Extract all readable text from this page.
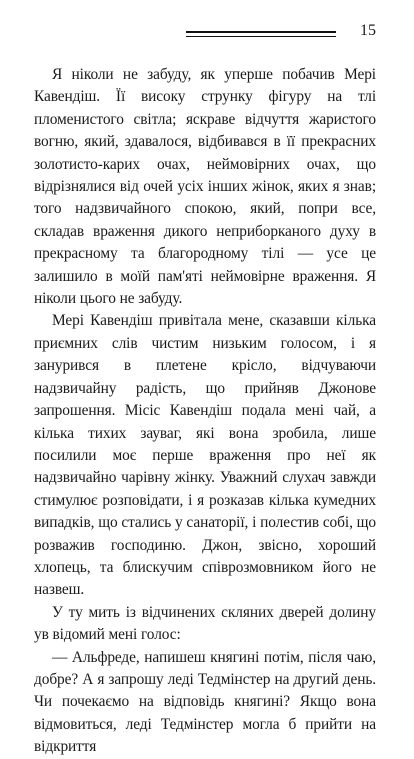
15

Я ніколи не забуду, як уперше побачив Мері Кавендіш. Її високу струнку фігуру на тлі пломенистого світла; яскраве відчуття жаристого вогню, який, здавалося, відбивався в її прекрасних золотисто-карих очах, неймовірних очах, що відрізнялися від очей усіх інших жінок, яких я знав; того надзвичайного спокою, який, попри все, складав враження дикого неприборканого духу в прекрасному та благородному тілі — усе це залишило в моїй пам'яті неймовірне враження. Я ніколи цього не забуду.

Мері Кавендіш привітала мене, сказавши кілька приємних слів чистим низьким голосом, і я занурився в плетене крісло, відчуваючи надзвичайну радість, що прийняв Джонове запрошення. Місіс Кавендіш подала мені чай, а кілька тихих зауваг, які вона зробила, лише посилили моє перше враження про неї як надзвичайно чарівну жінку. Уважний слухач завжди стимулює розповідати, і я розказав кілька кумедних випадків, що стались у санаторії, і полестив собі, що розважив господиню. Джон, звісно, хороший хлопець, та блискучим співрозмовником його не назвеш.

У ту мить із відчинених скляних дверей долину ув відомий мені голос:

— Альфреде, напишеш княгині потім, після чаю, добре? А я запрошу леді Тедмінстер на другий день. Чи почекаємо на відповідь княгині? Якщо вона відмовиться, леді Тедмінстер могла б прийти на відкриття
